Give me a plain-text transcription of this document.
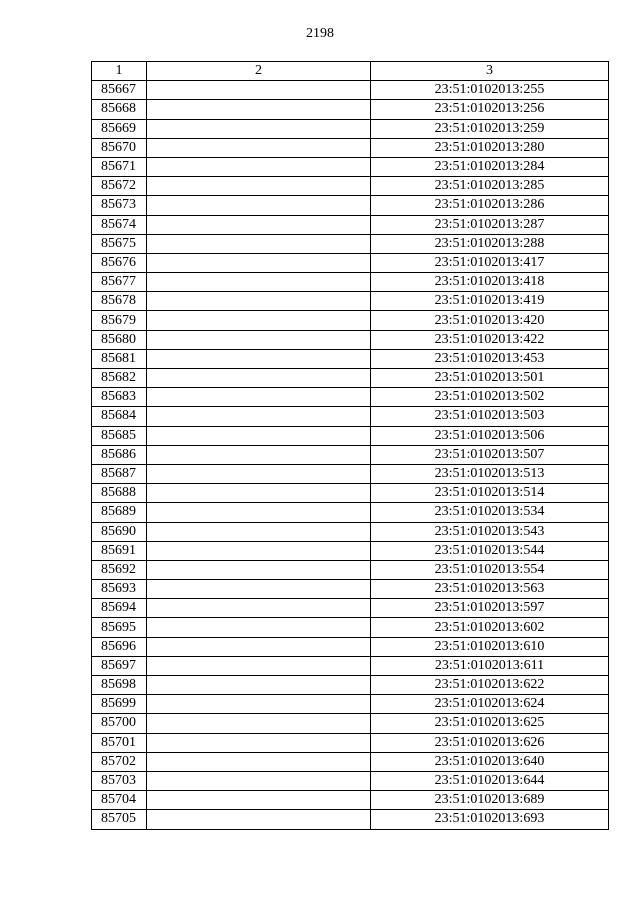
2198
1	2	3
85667		23:51:0102013:255
85668		23:51:0102013:256
85669		23:51:0102013:259
85670		23:51:0102013:280
85671		23:51:0102013:284
85672		23:51:0102013:285
85673		23:51:0102013:286
85674		23:51:0102013:287
85675		23:51:0102013:288
85676		23:51:0102013:417
85677		23:51:0102013:418
85678		23:51:0102013:419
85679		23:51:0102013:420
85680		23:51:0102013:422
85681		23:51:0102013:453
85682		23:51:0102013:501
85683		23:51:0102013:502
85684		23:51:0102013:503
85685		23:51:0102013:506
85686		23:51:0102013:507
85687		23:51:0102013:513
85688		23:51:0102013:514
85689		23:51:0102013:534
85690		23:51:0102013:543
85691		23:51:0102013:544
85692		23:51:0102013:554
85693		23:51:0102013:563
85694		23:51:0102013:597
85695		23:51:0102013:602
85696		23:51:0102013:610
85697		23:51:0102013:611
85698		23:51:0102013:622
85699		23:51:0102013:624
85700		23:51:0102013:625
85701		23:51:0102013:626
85702		23:51:0102013:640
85703		23:51:0102013:644
85704		23:51:0102013:689
85705		23:51:0102013:693
